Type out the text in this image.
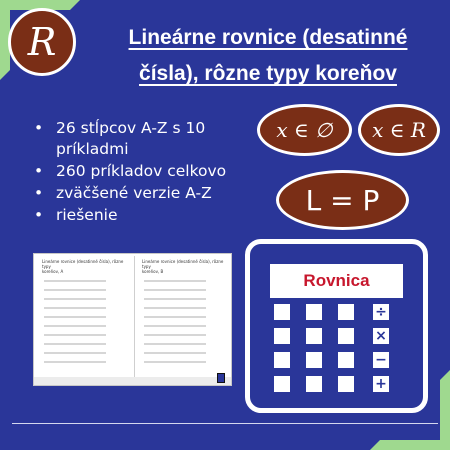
R	Lineárne rovnice (desatinné
čísla), rôzne typy koreňov
• 26 stĺpcov A-Z s 10 príkladmi
• 260 príkladov celkovo
• zväčšené verzie A-Z
• riešenie
x ∈ ∅ x ∈ R
L = P
Lineárne rovnice (desatinné čísla), rôzne typy
koreňov, A
Lineárne rovnice (desatinné čísla), rôzne typy
koreňov, B	Rovnica
÷
×
−
+
